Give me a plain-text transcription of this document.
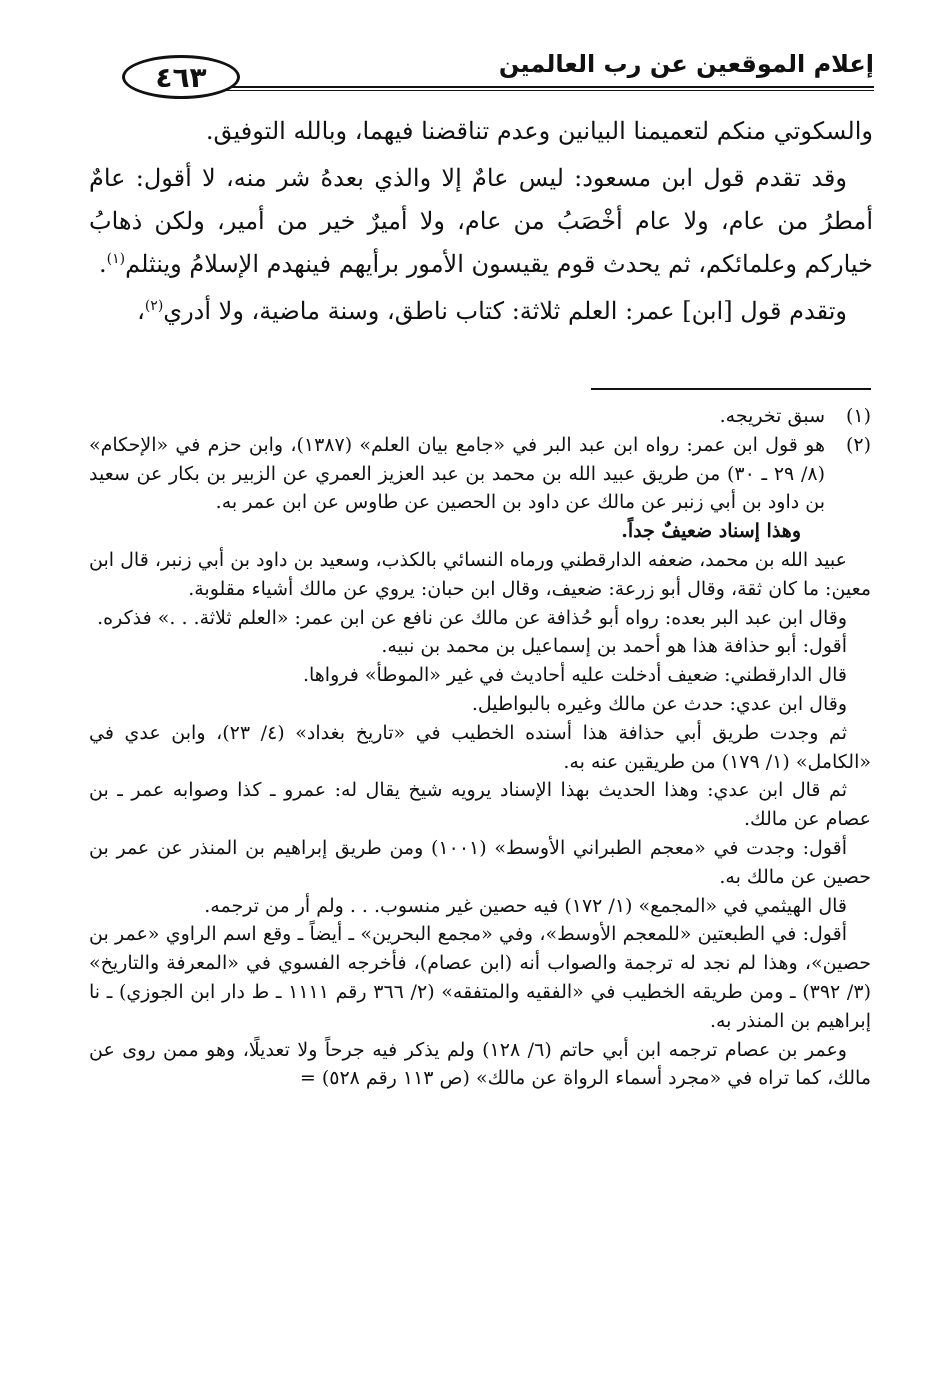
إعلام الموقعين عن رب العالمين
٤٦٣

والسكوتي منكم لتعميمنا البيانين وعدم تناقضنا فيهما، وبالله التوفيق.

وقد تقدم قول ابن مسعود: ليس عامٌ إلا والذي بعدهُ شر منه، لا أقول: عامٌ أمطرُ من عام، ولا عام أخْصَبُ من عام، ولا أميرٌ خير من أمير، ولكن ذهابُ خياركم وعلمائكم، ثم يحدث قوم يقيسون الأمور برأيهم فينهدم الإسلامُ وينثلم$^{(١)}$.

وتقدم قول [ابن] عمر: العلم ثلاثة: كتاب ناطق، وسنة ماضية، ولا أدري$^{(٢)}$،

(١)

سبق تخريجه.

(٢)

هو قول ابن عمر: رواه ابن عبد البر في «جامع بيان العلم» (١٣٨٧)، وابن حزم في «الإحكام» (٨/ ٢٩ ـ ٣٠) من طريق عبيد الله بن محمد بن عبد العزيز العمري عن الزبير بن بكار عن سعيد بن داود بن أبي زنبر عن مالك عن داود بن الحصين عن طاوس عن ابن عمر به.

وهذا إسناد ضعيفٌ جداً.

عبيد الله بن محمد، ضعفه الدارقطني ورماه النسائي بالكذب، وسعيد بن داود بن أبي زنبر، قال ابن معين: ما كان ثقة، وقال أبو زرعة: ضعيف، وقال ابن حبان: يروي عن مالك أشياء مقلوبة.

وقال ابن عبد البر بعده: رواه أبو حُذافة عن مالك عن نافع عن ابن عمر: «العلم ثلاثة. . .» فذكره.

أقول: أبو حذافة هذا هو أحمد بن إسماعيل بن محمد بن نبيه.

قال الدارقطني: ضعيف أدخلت عليه أحاديث في غير «الموطأ» فرواها.

وقال ابن عدي: حدث عن مالك وغيره بالبواطيل.

ثم وجدت طريق أبي حذافة هذا أسنده الخطيب في «تاريخ بغداد» (٤/ ٢٣)، وابن عدي في «الكامل» (١/ ١٧٩) من طريقين عنه به.

ثم قال ابن عدي: وهذا الحديث بهذا الإسناد يرويه شيخ يقال له: عمرو ـ كذا وصوابه عمر ـ بن عصام عن مالك.

أقول: وجدت في «معجم الطبراني الأوسط» (١٠٠١) ومن طريق إبراهيم بن المنذر عن عمر بن حصين عن مالك به.

قال الهيثمي في «المجمع» (١/ ١٧٢) فيه حصين غير منسوب. . . ولم أر من ترجمه.

أقول: في الطبعتين «للمعجم الأوسط»، وفي «مجمع البحرين» ـ أيضاً ـ وقع اسم الراوي «عمر بن حصين»، وهذا لم نجد له ترجمة والصواب أنه (ابن عصام)، فأخرجه الفسوي في «المعرفة والتاريخ» (٣/ ٣٩٢) ـ ومن طريقه الخطيب في «الفقيه والمتفقه» (٢/ ٣٦٦ رقم ١١١١ ـ ط دار ابن الجوزي) ـ نا إبراهيم بن المنذر به.

وعمر بن عصام ترجمه ابن أبي حاتم (٦/ ١٢٨) ولم يذكر فيه جرحاً ولا تعديلًا، وهو ممن روى عن مالك، كما تراه في «مجرد أسماء الرواة عن مالك» (ص ١١٣ رقم ٥٢٨) =
